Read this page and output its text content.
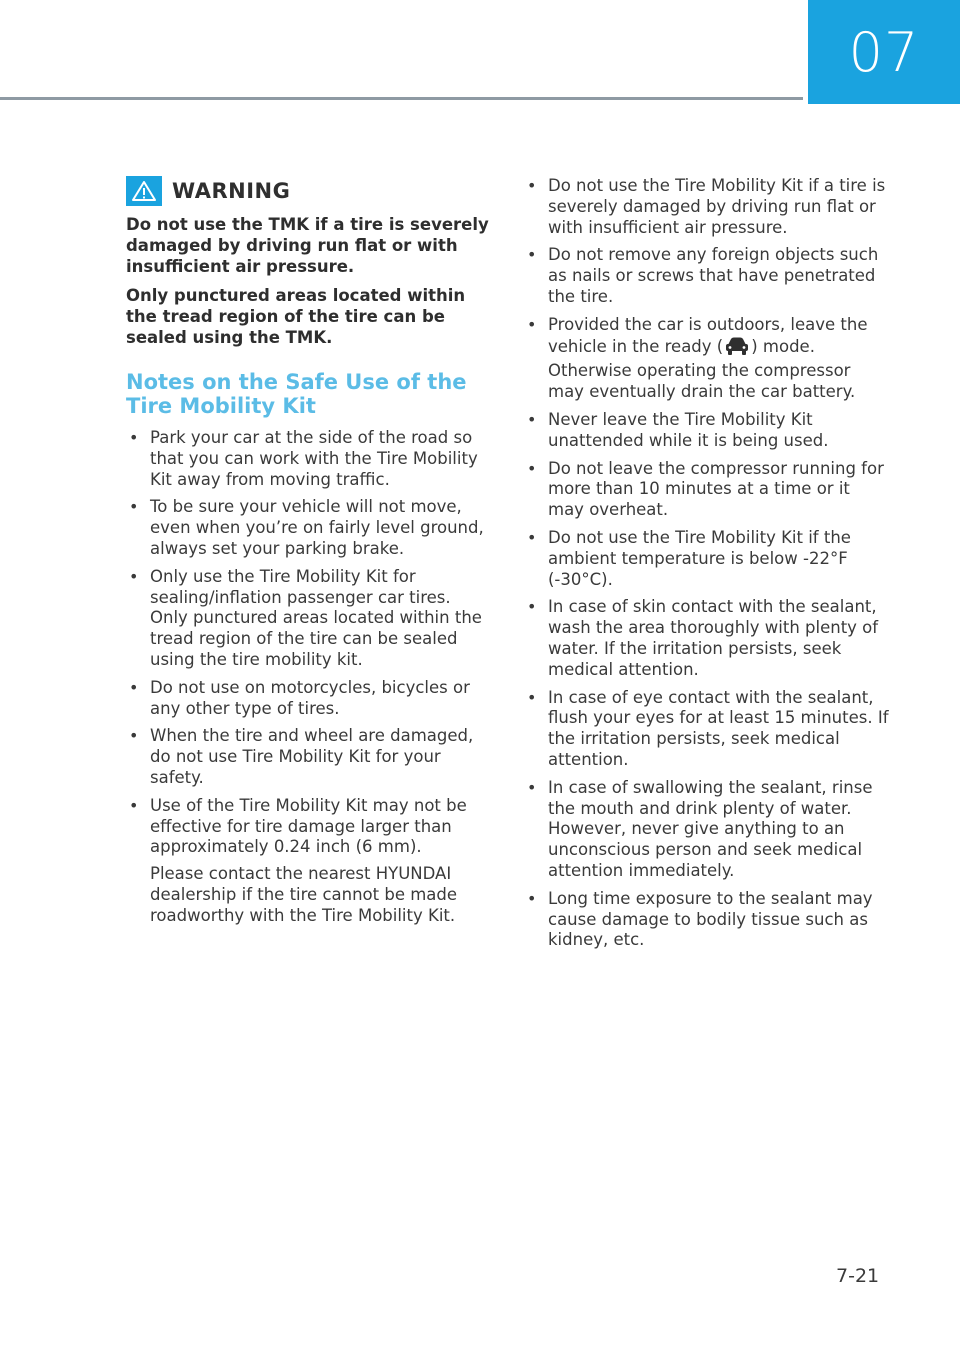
07
WARNING

Do not use the TMK if a tire is severely damaged by driving run flat or with insufficient air pressure.

Only punctured areas located within the tread region of the tire can be sealed using the TMK.

Notes on the Safe Use of the Tire Mobility Kit
• Park your car at the side of the road so that you can work with the Tire Mobility Kit away from moving traffic.
• To be sure your vehicle will not move, even when you’re on fairly level ground, always set your parking brake.
• Only use the Tire Mobility Kit for sealing/inflation passenger car tires. Only punctured areas located within the tread region of the tire can be sealed using the tire mobility kit.
• Do not use on motorcycles, bicycles or any other type of tires.
• When the tire and wheel are damaged, do not use Tire Mobility Kit for your safety.
• Use of the Tire Mobility Kit may not be effective for tire damage larger than approximately 0.24 inch (6 mm).
Please contact the nearest HYUNDAI dealership if the tire cannot be made roadworthy with the Tire Mobility Kit.
• Do not use the Tire Mobility Kit if a tire is severely damaged by driving run flat or with insufficient air pressure.
• Do not remove any foreign objects such as nails or screws that have penetrated the tire.
• Provided the car is outdoors, leave the vehicle in the ready ( ) mode. Otherwise operating the compressor may eventually drain the car battery.
• Never leave the Tire Mobility Kit unattended while it is being used.
• Do not leave the compressor running for more than 10 minutes at a time or it may overheat.
• Do not use the Tire Mobility Kit if the ambient temperature is below -22°F (-30°C).
• In case of skin contact with the sealant, wash the area thoroughly with plenty of water. If the irritation persists, seek medical attention.
• In case of eye contact with the sealant, flush your eyes for at least 15 minutes. If the irritation persists, seek medical attention.
• In case of swallowing the sealant, rinse the mouth and drink plenty of water. However, never give anything to an unconscious person and seek medical attention immediately.
• Long time exposure to the sealant may cause damage to bodily tissue such as kidney, etc.
7-21
